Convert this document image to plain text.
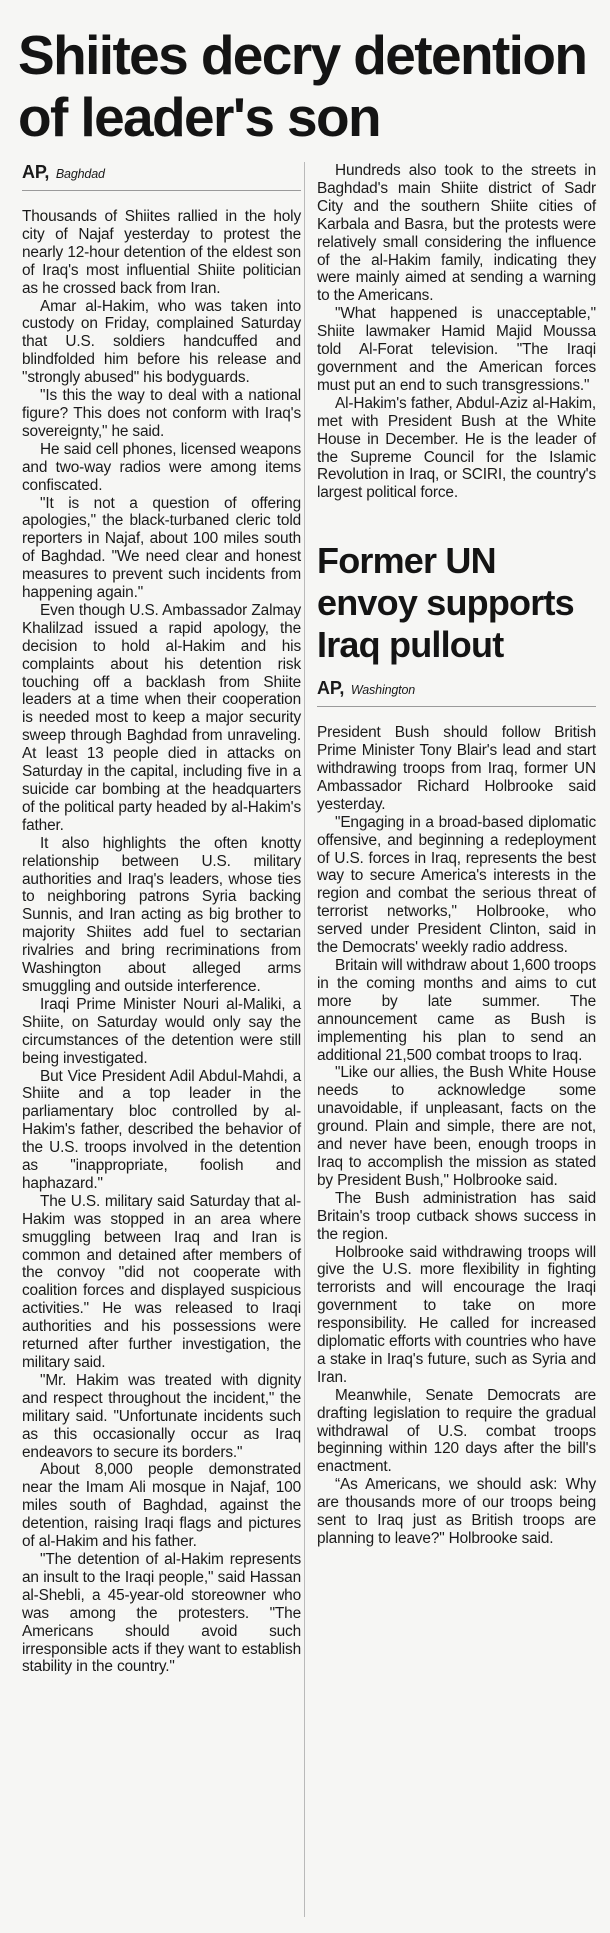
Shiites decry detention
of leader's son
AP, Baghdad

Thousands of Shiites rallied in the holy city of Najaf yesterday to protest the nearly 12-hour detention of the eldest son of Iraq's most influential Shiite politician as he crossed back from Iran.

Amar al-Hakim, who was taken into custody on Friday, complained Saturday that U.S. soldiers handcuffed and blindfolded him before his release and "strongly abused" his bodyguards.

"Is this the way to deal with a national figure? This does not conform with Iraq's sovereignty," he said.

He said cell phones, licensed weapons and two-way radios were among items confiscated.

"It is not a question of offering apologies," the black-turbaned cleric told reporters in Najaf, about 100 miles south of Baghdad. "We need clear and honest measures to prevent such incidents from happening again."

Even though U.S. Ambassador Zalmay Khalilzad issued a rapid apology, the decision to hold al-Hakim and his complaints about his detention risk touching off a backlash from Shiite leaders at a time when their cooperation is needed most to keep a major security sweep through Baghdad from unraveling. At least 13 people died in attacks on Saturday in the capital, including five in a suicide car bombing at the headquarters of the political party headed by al-Hakim's father.

It also highlights the often knotty relationship between U.S. military authorities and Iraq's leaders, whose ties to neighboring patrons Syria backing Sunnis, and Iran acting as big brother to majority Shiites add fuel to sectarian rivalries and bring recriminations from Washington about alleged arms smuggling and outside interference.

Iraqi Prime Minister Nouri al-Maliki, a Shiite, on Saturday would only say the circumstances of the detention were still being investigated.

But Vice President Adil Abdul-Mahdi, a Shiite and a top leader in the parliamentary bloc controlled by al-Hakim's father, described the behavior of the U.S. troops involved in the detention as "inappropriate, foolish and haphazard."

The U.S. military said Saturday that al-Hakim was stopped in an area where smuggling between Iraq and Iran is common and detained after members of the convoy "did not cooperate with coalition forces and displayed suspicious activities." He was released to Iraqi authorities and his possessions were returned after further investigation, the military said.

"Mr. Hakim was treated with dignity and respect throughout the incident," the military said. "Unfortunate incidents such as this occasionally occur as Iraq endeavors to secure its borders."

About 8,000 people demonstrated near the Imam Ali mosque in Najaf, 100 miles south of Baghdad, against the detention, raising Iraqi flags and pictures of al-Hakim and his father.

"The detention of al-Hakim represents an insult to the Iraqi people," said Hassan al-Shebli, a 45-year-old storeowner who was among the protesters. "The Americans should avoid such irresponsible acts if they want to establish stability in the country."

Hundreds also took to the streets in Baghdad's main Shiite district of Sadr City and the southern Shiite cities of Karbala and Basra, but the protests were relatively small considering the influence of the al-Hakim family, indicating they were mainly aimed at sending a warning to the Americans.

"What happened is unacceptable," Shiite lawmaker Hamid Majid Moussa told Al-Forat television. "The Iraqi government and the American forces must put an end to such transgressions."

Al-Hakim's father, Abdul-Aziz al-Hakim, met with President Bush at the White House in December. He is the leader of the Supreme Council for the Islamic Revolution in Iraq, or SCIRI, the country's largest political force.

Former UN
envoy supports
Iraq pullout
AP, Washington

President Bush should follow British Prime Minister Tony Blair's lead and start withdrawing troops from Iraq, former UN Ambassador Richard Holbrooke said yesterday.

"Engaging in a broad-based diplomatic offensive, and beginning a redeployment of U.S. forces in Iraq, represents the best way to secure America's interests in the region and combat the serious threat of terrorist networks," Holbrooke, who served under President Clinton, said in the Democrats' weekly radio address.

Britain will withdraw about 1,600 troops in the coming months and aims to cut more by late summer. The announcement came as Bush is implementing his plan to send an additional 21,500 combat troops to Iraq.

"Like our allies, the Bush White House needs to acknowledge some unavoidable, if unpleasant, facts on the ground. Plain and simple, there are not, and never have been, enough troops in Iraq to accomplish the mission as stated by President Bush," Holbrooke said.

The Bush administration has said Britain's troop cutback shows success in the region.

Holbrooke said withdrawing troops will give the U.S. more flexibility in fighting terrorists and will encourage the Iraqi government to take on more responsibility. He called for increased diplomatic efforts with countries who have a stake in Iraq's future, such as Syria and Iran.

Meanwhile, Senate Democrats are drafting legislation to require the gradual withdrawal of U.S. combat troops beginning within 120 days after the bill's enactment.

“As Americans, we should ask: Why are thousands more of our troops being sent to Iraq just as British troops are planning to leave?" Holbrooke said.
